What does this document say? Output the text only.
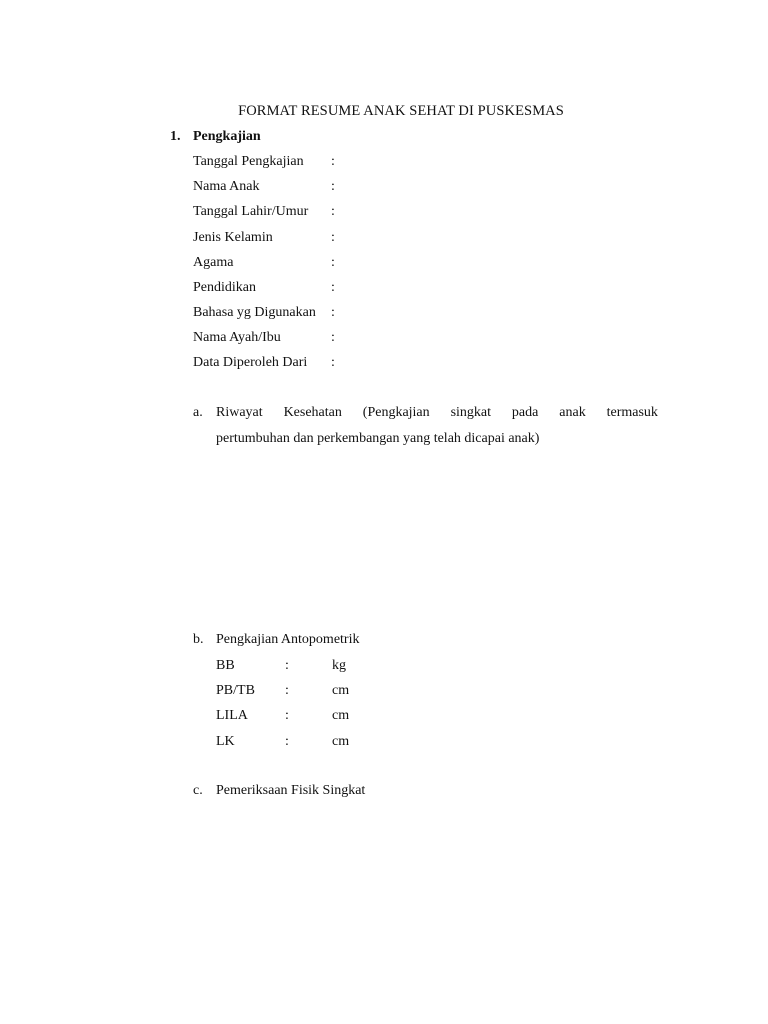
FORMAT RESUME ANAK SEHAT DI PUSKESMAS
1. Pengkajian
Tanggal Pengkajian :
Nama Anak	:
Tanggal Lahir/Umur :
Jenis Kelamin	:
Agama	:
Pendidikan	:
Bahasa yg Digunakan :
Nama Ayah/Ibu	:
Data Diperoleh Dari :
a. Riwayat Kesehatan (Pengkajian singkat pada anak termasuk
pertumbuhan dan perkembangan yang telah dicapai anak)
b. Pengkajian Antopometrik
BB	:	kg
PB/TB :	cm
LILA	:	cm
LK	:	cm
c. Pemeriksaan Fisik Singkat
